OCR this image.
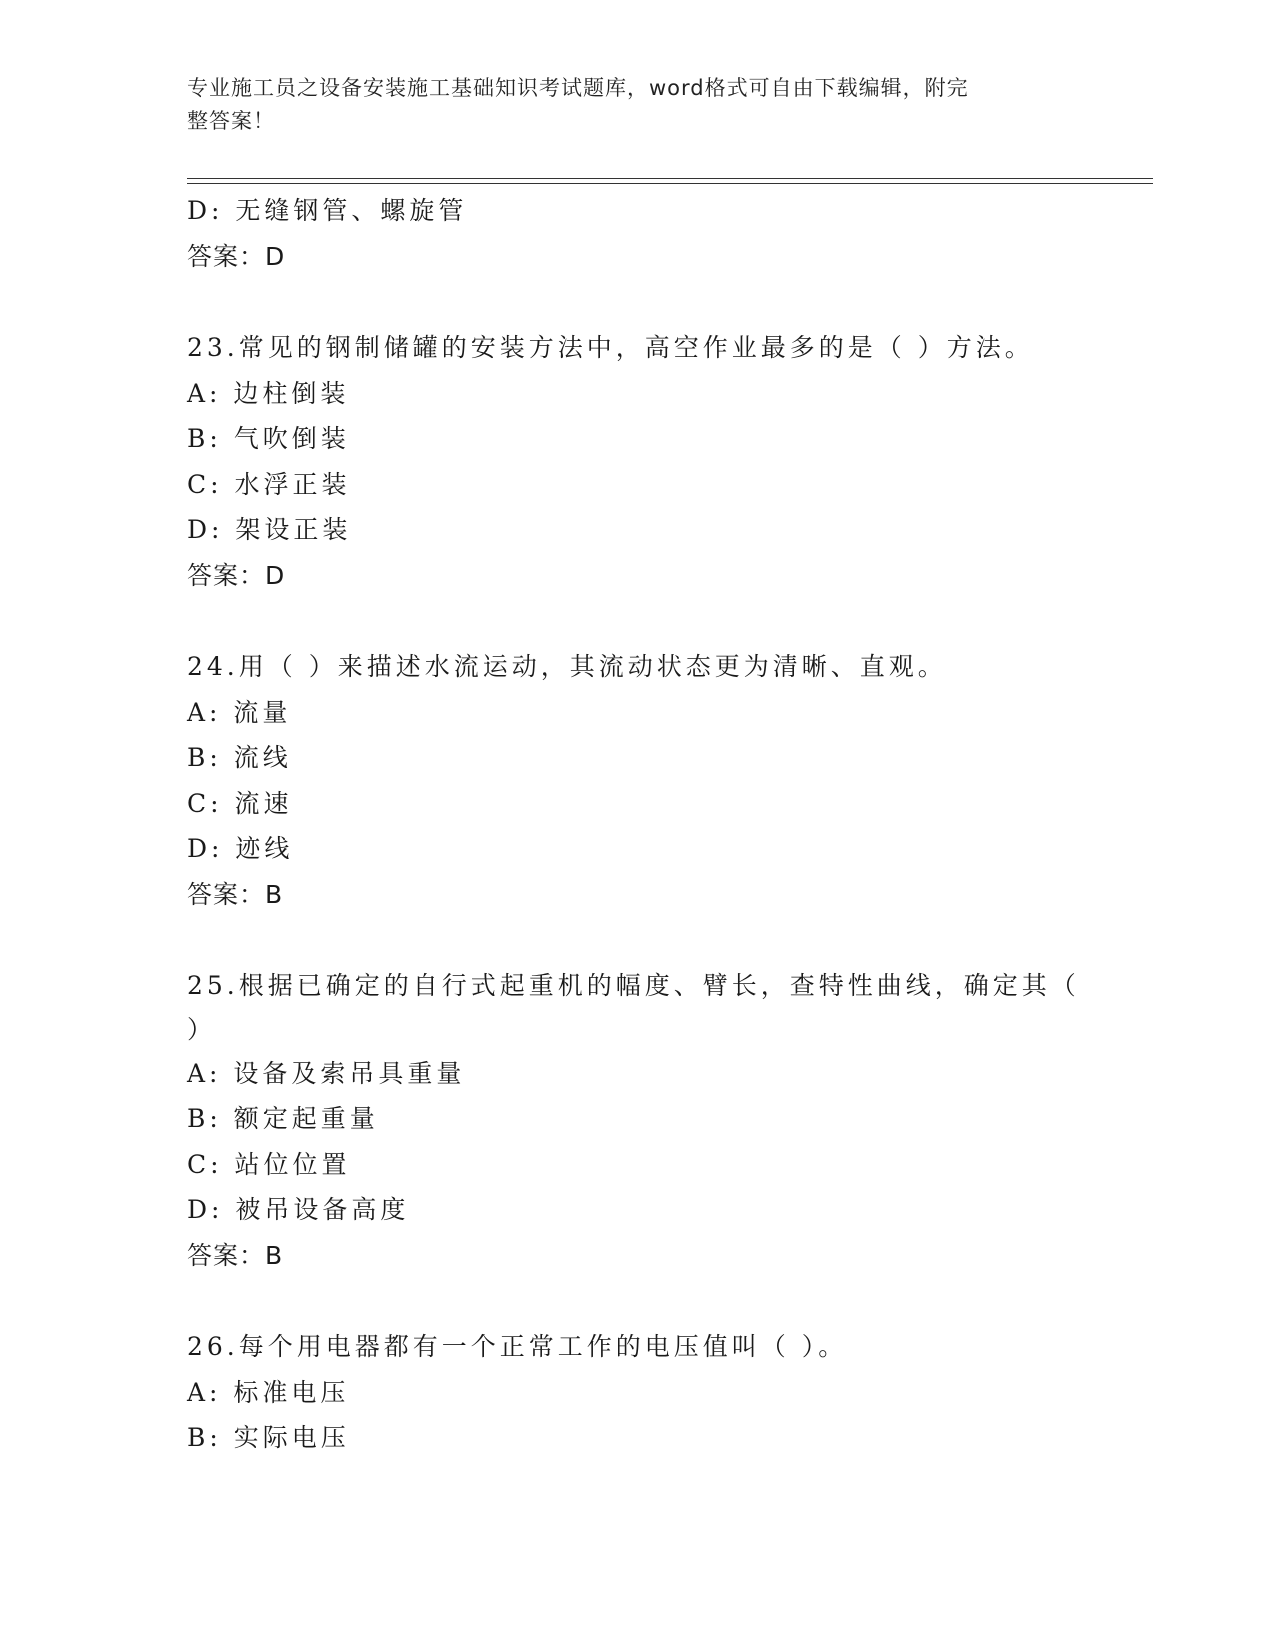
专业施工员之设备安装施工基础知识考试题库，word格式可自由下载编辑，附完
整答案！
D: 无缝钢管、螺旋管
答案：D
23.常见的钢制储罐的安装方法中，高空作业最多的是（ ）方法。
A: 边柱倒装
B: 气吹倒装
C: 水浮正装
D: 架设正装
答案：D
24.用（ ）来描述水流运动，其流动状态更为清晰、直观。
A: 流量
B: 流线
C: 流速
D: 迹线
答案：B
25.根据已确定的自行式起重机的幅度、臂长，查特性曲线，确定其（
）
A: 设备及索吊具重量
B: 额定起重量
C: 站位位置
D: 被吊设备高度
答案：B
26.每个用电器都有一个正常工作的电压值叫（ ）。
A: 标准电压
B: 实际电压
